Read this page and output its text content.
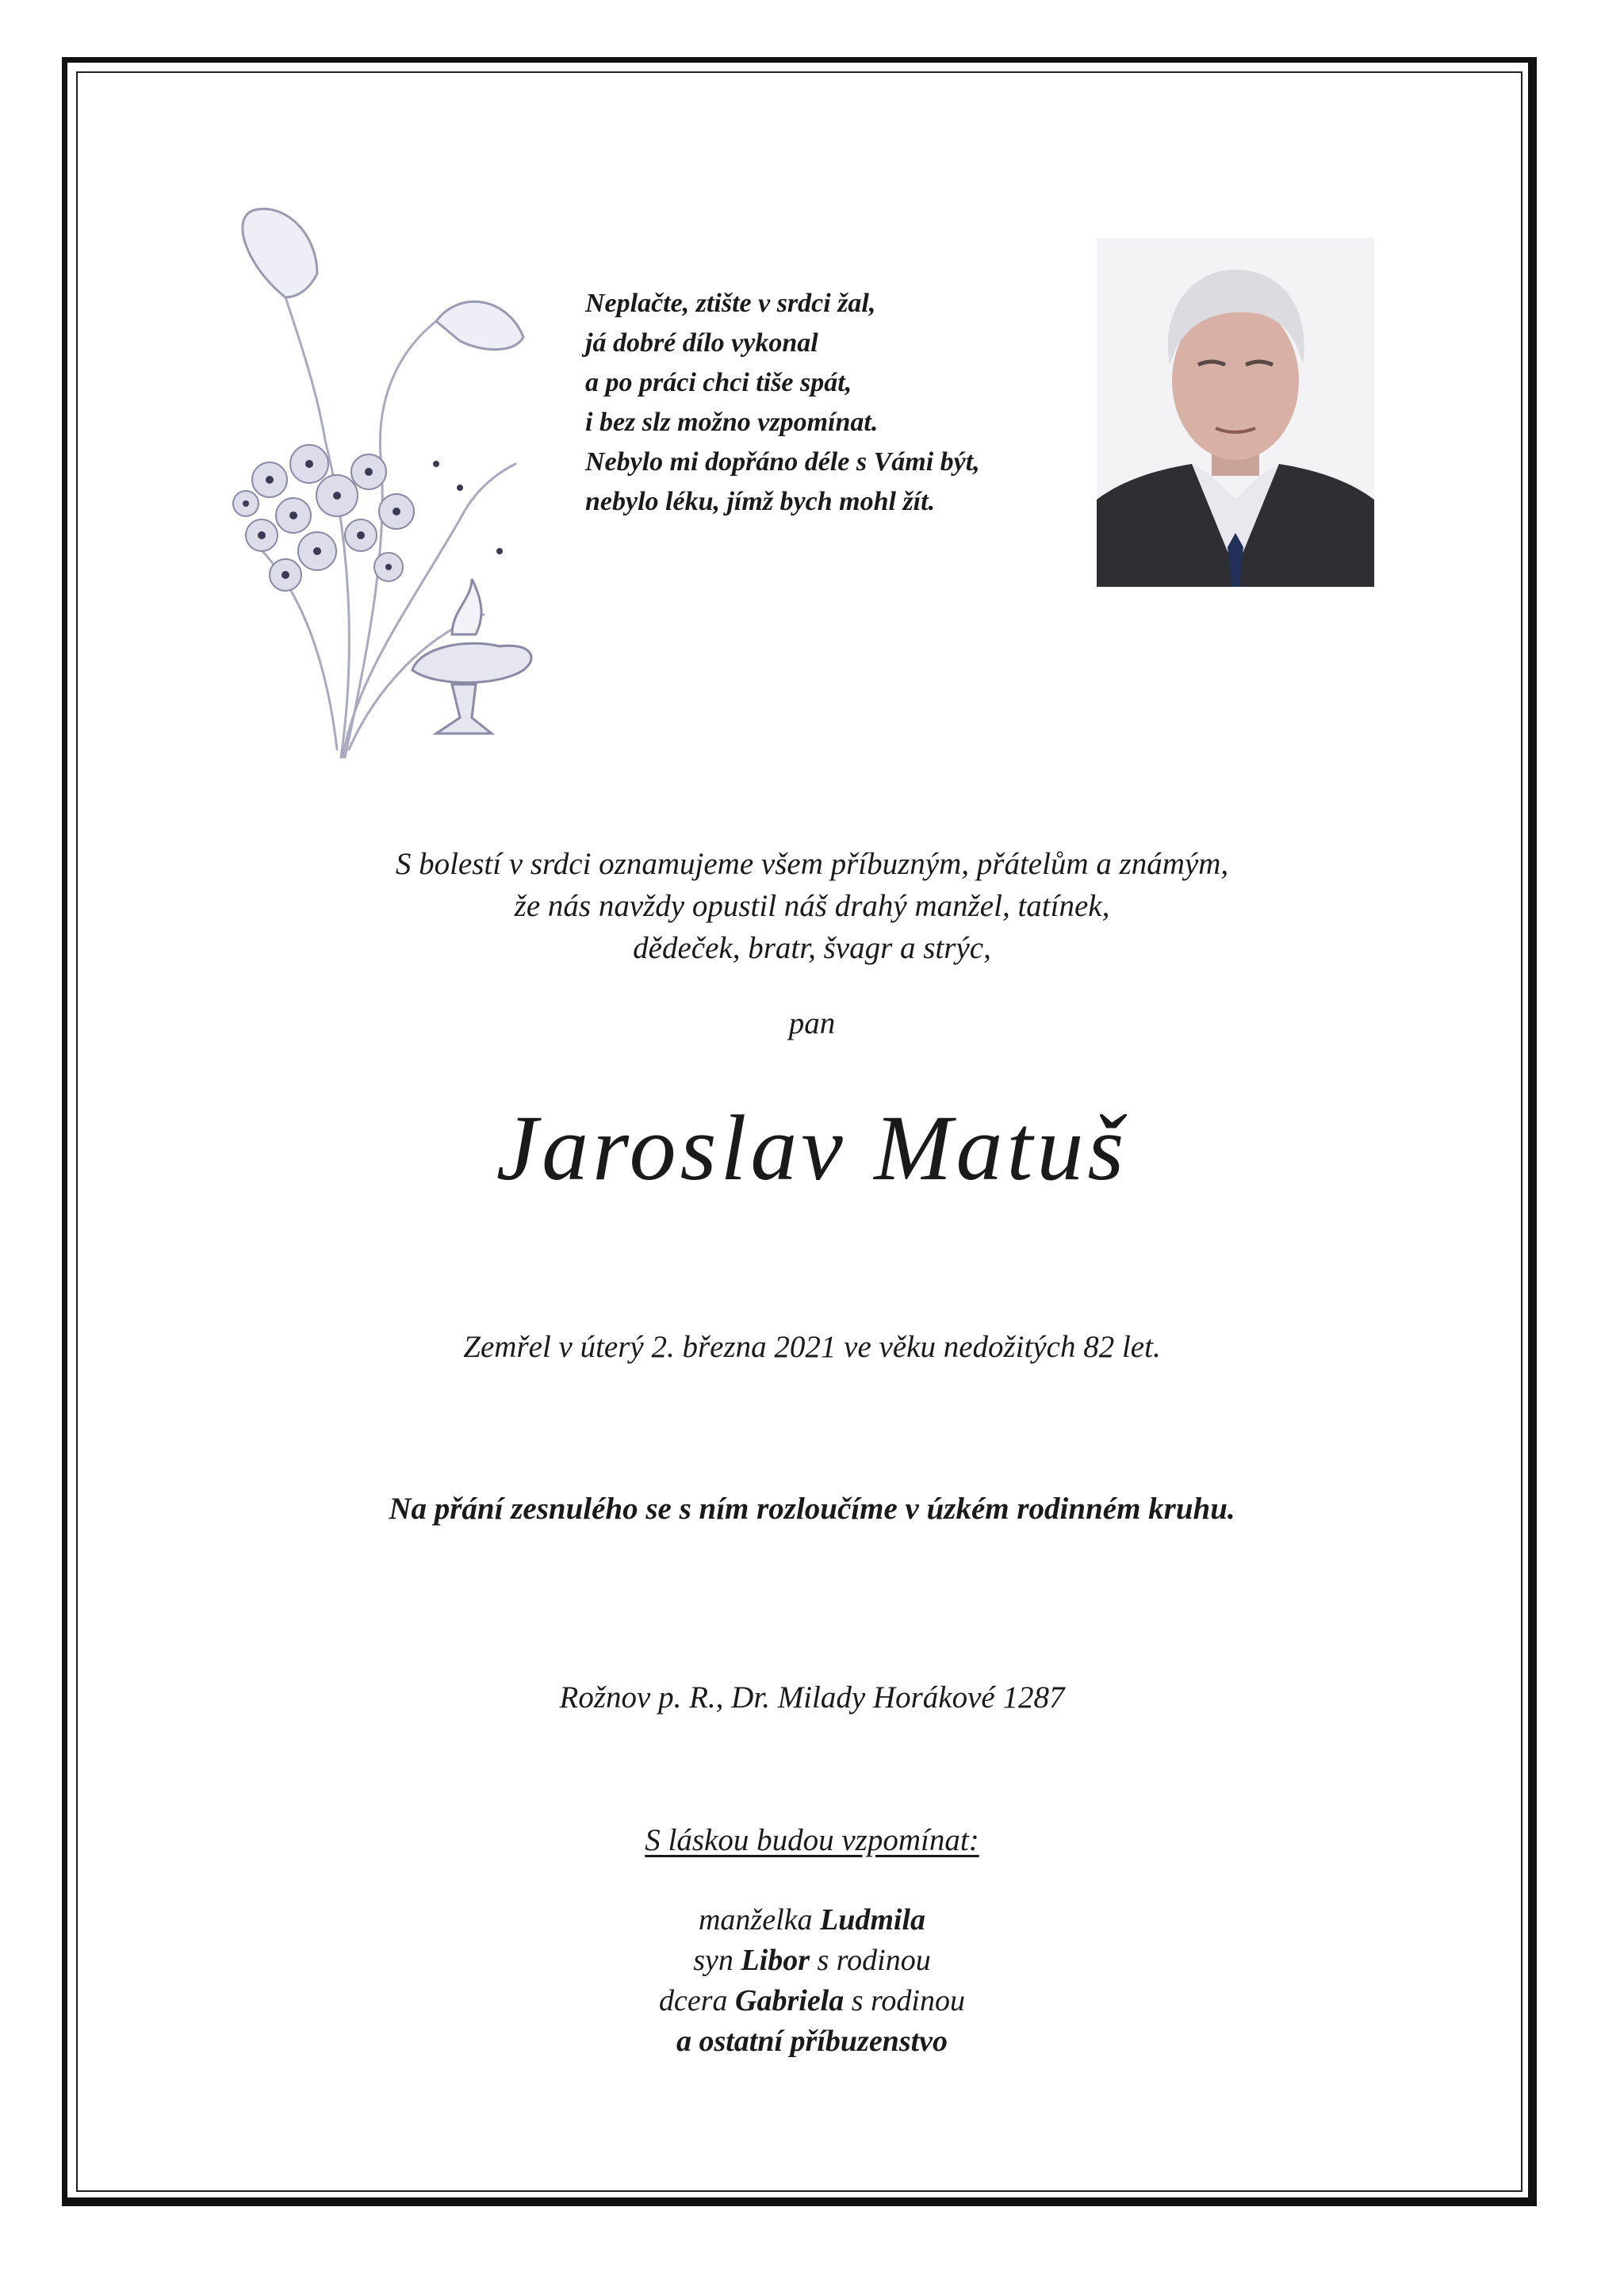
Neplačte, ztište v srdci žal,
já dobré dílo vykonal
a po práci chci tiše spát,
i bez slz možno vzpomínat.
Nebylo mi dopřáno déle s Vámi být,
nebylo léku, jímž bych mohl žít.
S bolestí v srdci oznamujeme všem příbuzným, přátelům a známým,
že nás navždy opustil náš drahý manžel, tatínek,
dědeček, bratr, švagr a strýc,
pan
Jaroslav Matuš
Zemřel v úterý 2. března 2021 ve věku nedožitých 82 let.
Na přání zesnulého se s ním rozloučíme v úzkém rodinném kruhu.
Rožnov p. R., Dr. Milady Horákové 1287
S láskou budou vzpomínat:
manželka Ludmila
syn Libor s rodinou
dcera Gabriela s rodinou
a ostatní příbuzenstvo
